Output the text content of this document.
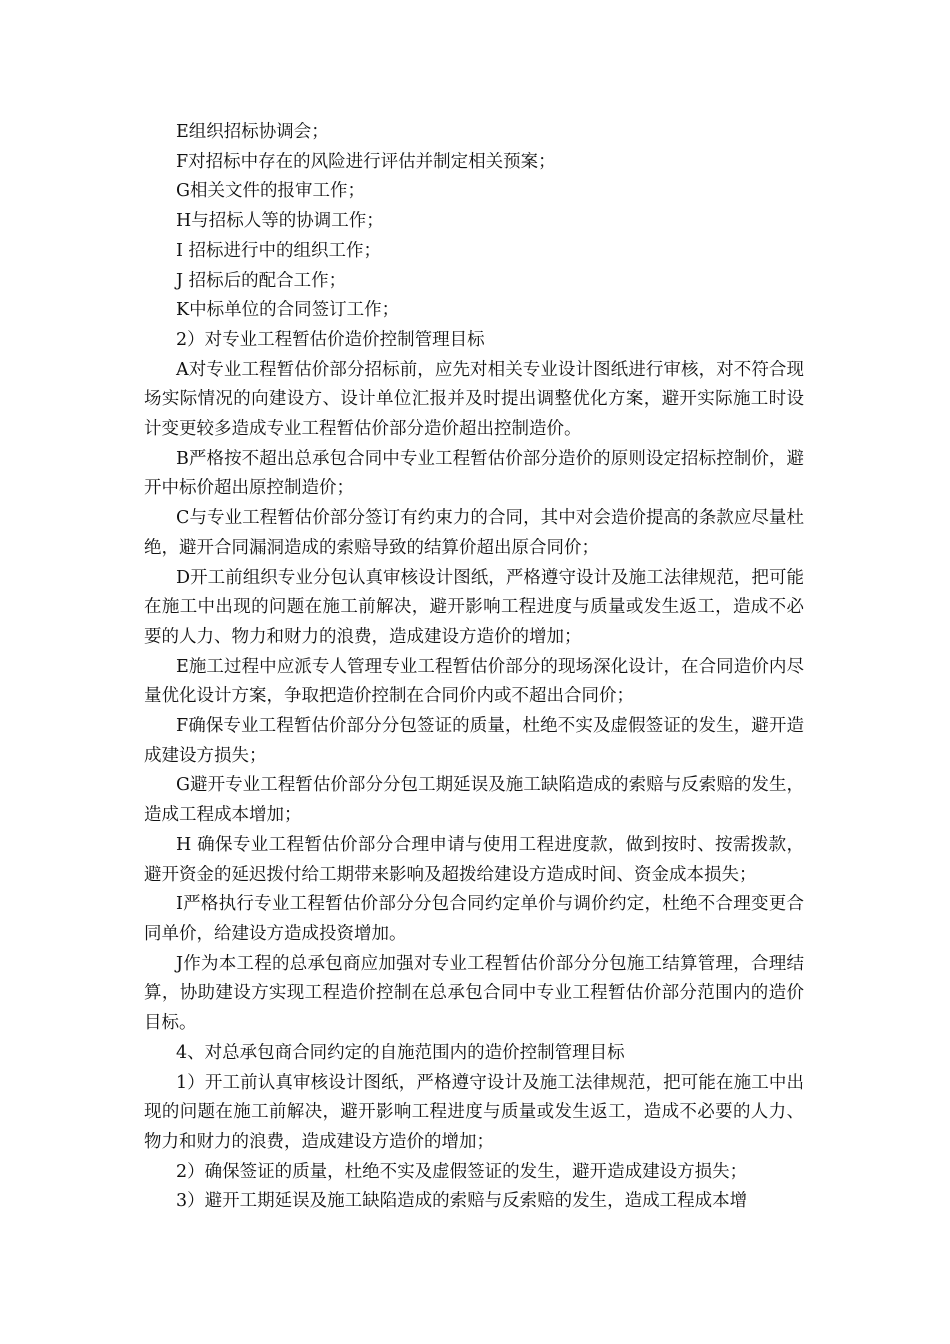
E组织招标协调会；

F对招标中存在的风险进行评估并制定相关预案；

G相关文件的报审工作；

H与招标人等的协调工作；

I 招标进行中的组织工作；

J 招标后的配合工作；

K中标单位的合同签订工作；

2）对专业工程暂估价造价控制管理目标

A对专业工程暂估价部分招标前，应先对相关专业设计图纸进行审核，对不符合现场实际情况的向建设方、设计单位汇报并及时提出调整优化方案，避开实际施工时设计变更较多造成专业工程暂估价部分造价超出控制造价。

B严格按不超出总承包合同中专业工程暂估价部分造价的原则设定招标控制价，避开中标价超出原控制造价；

C与专业工程暂估价部分签订有约束力的合同，其中对会造价提高的条款应尽量杜绝，避开合同漏洞造成的索赔导致的结算价超出原合同价；

D开工前组织专业分包认真审核设计图纸，严格遵守设计及施工法律规范，把可能在施工中出现的问题在施工前解决，避开影响工程进度与质量或发生返工，造成不必要的人力、物力和财力的浪费，造成建设方造价的增加；

E施工过程中应派专人管理专业工程暂估价部分的现场深化设计，在合同造价内尽量优化设计方案，争取把造价控制在合同价内或不超出合同价；

F确保专业工程暂估价部分分包签证的质量，杜绝不实及虚假签证的发生，避开造成建设方损失；

G避开专业工程暂估价部分分包工期延误及施工缺陷造成的索赔与反索赔的发生，造成工程成本增加；

H 确保专业工程暂估价部分合理申请与使用工程进度款，做到按时、按需拨款，避开资金的延迟拨付给工期带来影响及超拨给建设方造成时间、资金成本损失；

I严格执行专业工程暂估价部分分包合同约定单价与调价约定，杜绝不合理变更合同单价，给建设方造成投资增加。

J作为本工程的总承包商应加强对专业工程暂估价部分分包施工结算管理，合理结算，协助建设方实现工程造价控制在总承包合同中专业工程暂估价部分范围内的造价目标。

4、对总承包商合同约定的自施范围内的造价控制管理目标

1）开工前认真审核设计图纸，严格遵守设计及施工法律规范，把可能在施工中出现的问题在施工前解决，避开影响工程进度与质量或发生返工，造成不必要的人力、物力和财力的浪费，造成建设方造价的增加；

2）确保签证的质量，杜绝不实及虚假签证的发生，避开造成建设方损失；

3）避开工期延误及施工缺陷造成的索赔与反索赔的发生，造成工程成本增
